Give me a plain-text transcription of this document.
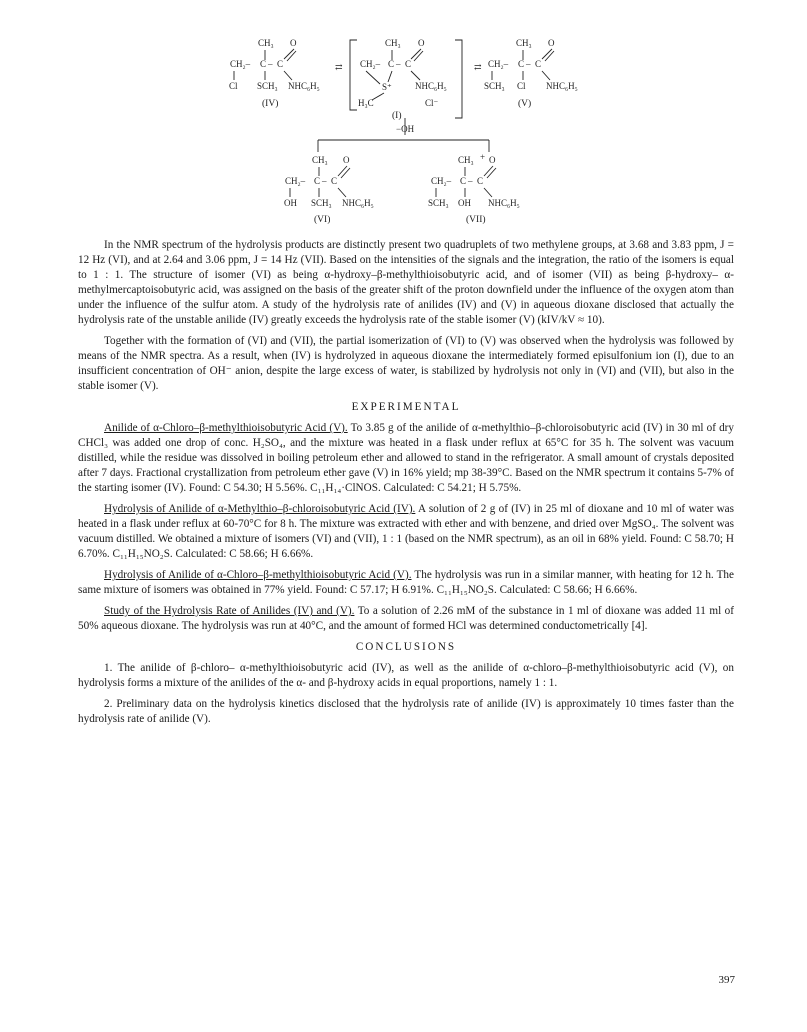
CH₃ O
CH₂– C – C
Cl SCH₃ NHC₆H₅
(IV)
⇄
CH₃ O
CH₂– C – C
S⁺	NHC₆H₅
H₃C	Cl⁻
(I)
⇄
CH₃ O
CH₂– C – C
SCH₃ Cl NHC₆H₅
(V)
−OH
CH₃ O
CH₂– C – C
OH SCH₃ NHC₆H₅
(VI)
CH₃ + O
CH₂– C – C
SCH₃ OH NHC₆H₅
(VII)

In the NMR spectrum of the hydrolysis products are distinctly present two quadruplets of two methylene groups, at 3.68 and 3.83 ppm, J = 12 Hz (VI), and at 2.64 and 3.06 ppm, J = 14 Hz (VII). Based on the intensities of the signals and the integration, the ratio of the isomers is equal to 1 : 1. The structure of isomer (VI) as being α-hydroxy–β-methylthioisobutyric acid, and of isomer (VII) as being β-hydroxy– α-methylmercaptoisobutyric acid, was assigned on the basis of the greater shift of the proton downfield under the influence of the oxygen atom than under the influence of the sulfur atom. A study of the hydrolysis rate of anilides (IV) and (V) in aqueous dioxane disclosed that actually the hydrolysis rate of the unstable anilide (IV) greatly exceeds the hydrolysis rate of the stable isomer (V) (kIV/kV ≈ 10).

Together with the formation of (VI) and (VII), the partial isomerization of (VI) to (V) was observed when the hydrolysis was followed by means of the NMR spectra. As a result, when (IV) is hydrolyzed in aqueous dioxane the intermediately formed episulfonium ion (I), due to an insufficient concentration of OH⁻ anion, despite the large excess of water, is stabilized by hydrolysis not only in (VI) and (VII), but also in the stable isomer (V).

EXPERIMENTAL

Anilide of α-Chloro–β-methylthioisobutyric Acid (V). To 3.85 g of the anilide of α-methylthio–β-chloroisobutyric acid (IV) in 30 ml of dry CHCl₃ was added one drop of conc. H₂SO₄, and the mixture was heated in a flask under reflux at 65°C for 35 h. The solvent was vacuum distilled, while the residue was dissolved in boiling petroleum ether and allowed to stand in the refrigerator. A small amount of crystals deposited after 7 days. Fractional crystallization from petroleum ether gave (V) in 16% yield; mp 38-39°C. Based on the NMR spectrum it contains 5-7% of the starting isomer (IV). Found: C 54.30; H 5.56%. C₁₁H₁₄·ClNOS. Calculated: C 54.21; H 5.75%.

Hydrolysis of Anilide of α-Methylthio–β-chloroisobutyric Acid (IV). A solution of 2 g of (IV) in 25 ml of dioxane and 10 ml of water was heated in a flask under reflux at 60-70°C for 8 h. The mixture was extracted with ether and with benzene, and dried over MgSO₄. The solvent was vacuum distilled. We obtained a mixture of isomers (VI) and (VII), 1 : 1 (based on the NMR spectrum), as an oil in 68% yield. Found: C 58.70; H 6.70%. C₁₁H₁₅NO₂S. Calculated: C 58.66; H 6.66%.

Hydrolysis of Anilide of α-Chloro–β-methylthioisobutyric Acid (V). The hydrolysis was run in a similar manner, with heating for 12 h. The same mixture of isomers was obtained in 77% yield. Found: C 57.17; H 6.91%. C₁₁H₁₅NO₂S. Calculated: C 58.66; H 6.66%.

Study of the Hydrolysis Rate of Anilides (IV) and (V). To a solution of 2.26 mM of the substance in 1 ml of dioxane was added 11 ml of 50% aqueous dioxane. The hydrolysis was run at 40°C, and the amount of formed HCl was determined conductometrically [4].

CONCLUSIONS

1. The anilide of β-chloro– α-methylthioisobutyric acid (IV), as well as the anilide of α-chloro–β-methylthioisobutyric acid (V), on hydrolysis forms a mixture of the anilides of the α- and β-hydroxy acids in equal proportions, namely 1 : 1.

2. Preliminary data on the hydrolysis kinetics disclosed that the hydrolysis rate of anilide (IV) is approximately 10 times faster than the hydrolysis rate of anilide (V).

397
